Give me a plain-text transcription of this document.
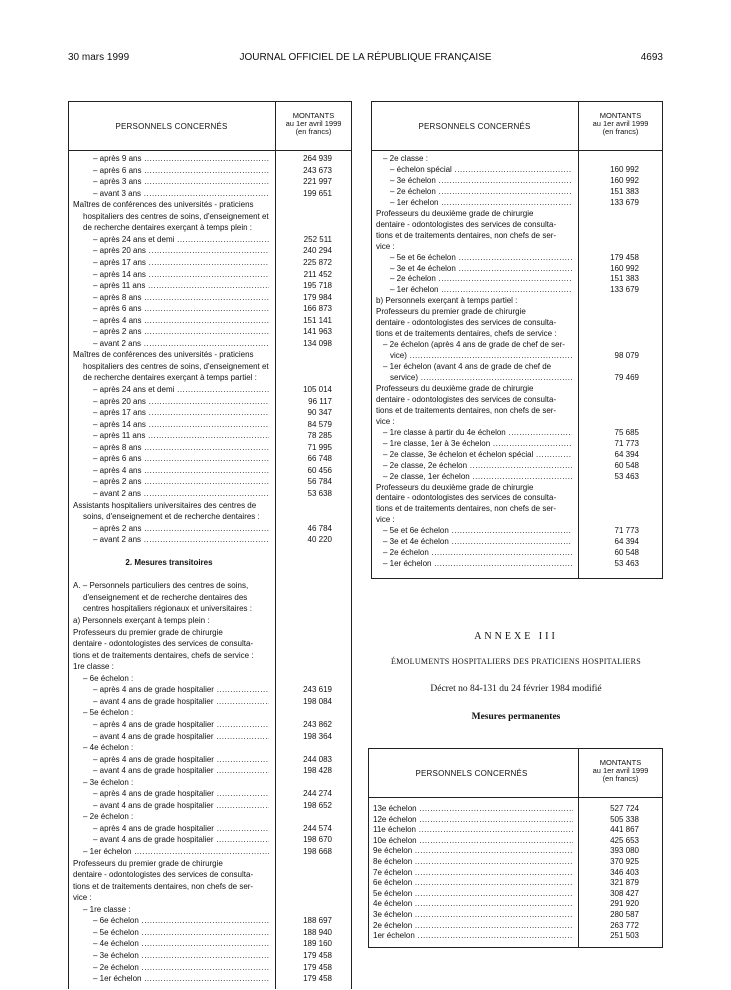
30 mars 1999	JOURNAL OFFICIEL DE LA RÉPUBLIQUE FRANÇAISE	4693
PERSONNELS CONCERNÉS
MONTANTS
au 1er avril 1999
(en francs)
– après 9 ans .....	264 939
– après 6 ans .....	243 673
– après 3 ans .....	221 997
– avant 3 ans .....	199 651
Maîtres de conférences des universités - praticiens
hospitaliers des centres de soins, d'enseignement et
de recherche dentaires exerçant à temps plein :
– après 24 ans et demi .....	252 511
– après 20 ans .....	240 294
– après 17 ans .....	225 872
– après 14 ans .....	211 452
– après 11 ans .....	195 718
– après 8 ans .....	179 984
– après 6 ans .....	166 873
– après 4 ans .....	151 141
– après 2 ans .....	141 963
– avant 2 ans .....	134 098
Maîtres de conférences des universités - praticiens
hospitaliers des centres de soins, d'enseignement et
de recherche dentaires exerçant à temps partiel :
– après 24 ans et demi .....	105 014
– après 20 ans .....	96 117
– après 17 ans .....	90 347
– après 14 ans .....	84 579
– après 11 ans .....	78 285
– après 8 ans .....	71 995
– après 6 ans .....	66 748
– après 4 ans .....	60 456
– après 2 ans .....	56 784
– avant 2 ans .....	53 638
Assistants hospitaliers universitaires des centres de
soins, d'enseignement et de recherche dentaires :
– après 2 ans .....	46 784
– avant 2 ans .....	40 220
2. Mesures transitoires
A. – Personnels particuliers des centres de soins,
d'enseignement et de recherche dentaires des
centres hospitaliers régionaux et universitaires :
a) Personnels exerçant à temps plein :
Professeurs du premier grade de chirurgie
dentaire - odontologistes des services de consulta-
tions et de traitements dentaires, chefs de service :
1re classe :
– 6e échelon :
– après 4 ans de grade hospitalier .....	243 619
– avant 4 ans de grade hospitalier .....	198 084
– 5e échelon :
– après 4 ans de grade hospitalier .....	243 862
– avant 4 ans de grade hospitalier .....	198 364
– 4e échelon :
– après 4 ans de grade hospitalier .....	244 083
– avant 4 ans de grade hospitalier .....	198 428
– 3e échelon :
– après 4 ans de grade hospitalier .....	244 274
– avant 4 ans de grade hospitalier .....	198 652
– 2e échelon :
– après 4 ans de grade hospitalier .....	244 574
– avant 4 ans de grade hospitalier .....	198 670
– 1er échelon .....	198 668
Professeurs du premier grade de chirurgie
dentaire - odontologistes des services de consulta-
tions et de traitements dentaires, non chefs de ser-
vice :
– 1re classe :
– 6e échelon .....	188 697
– 5e échelon .....	188 940
– 4e échelon .....	189 160
– 3e échelon .....	179 458
– 2e échelon .....	179 458
– 1er échelon .....	179 458
PERSONNELS CONCERNÉS
MONTANTS
au 1er avril 1999
(en francs)
– 2e classe :
– échelon spécial .....	160 992
– 3e échelon .....	160 992
– 2e échelon .....	151 383
– 1er échelon .....	133 679
Professeurs du deuxième grade de chirurgie
dentaire - odontologistes des services de consulta-
tions et de traitements dentaires, non chefs de ser-
vice :
– 5e et 6e échelon .....	179 458
– 3e et 4e échelon .....	160 992
– 2e échelon .....	151 383
– 1er échelon .....	133 679
b) Personnels exerçant à temps partiel :
Professeurs du premier grade de chirurgie
dentaire - odontologistes des services de consulta-
tions et de traitements dentaires, chefs de service :
– 2e échelon (après 4 ans de grade de chef de ser-
vice) .....	98 079
– 1er échelon (avant 4 ans de grade de chef de
service) .....	79 469
Professeurs du deuxième grade de chirurgie
dentaire - odontologistes des services de consulta-
tions et de traitements dentaires, non chefs de ser-
vice :
– 1re classe à partir du 4e échelon .....	75 685
– 1re classe, 1er à 3e échelon .....	71 773
– 2e classe, 3e échelon et échelon spécial .....	64 394
– 2e classe, 2e échelon .....	60 548
– 2e classe, 1er échelon .....	53 463
Professeurs du deuxième grade de chirurgie
dentaire - odontologistes des services de consulta-
tions et de traitements dentaires, non chefs de ser-
vice :
– 5e et 6e échelon .....	71 773
– 3e et 4e échelon .....	64 394
– 2e échelon .....	60 548
– 1er échelon .....	53 463
ANNEXE III
ÉMOLUMENTS HOSPITALIERS DES PRATICIENS HOSPITALIERS
Décret no 84-131 du 24 février 1984 modifié
Mesures permanentes
PERSONNELS CONCERNÉS
MONTANTS
au 1er avril 1999
(en francs)
13e échelon .....	527 724
12e échelon .....	505 338
11e échelon .....	441 867
10e échelon .....	425 653
9e échelon .....	393 080
8e échelon .....	370 925
7e échelon .....	346 403
6e échelon .....	321 879
5e échelon .....	308 427
4e échelon .....	291 920
3e échelon .....	280 587
2e échelon .....	263 772
1er échelon .....	251 503
